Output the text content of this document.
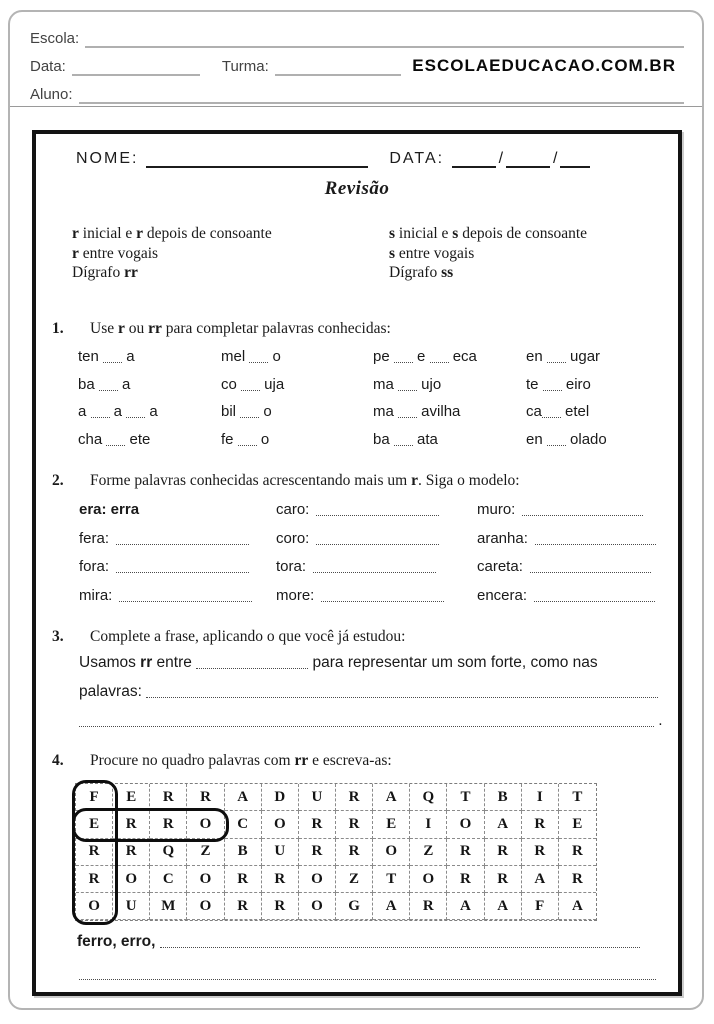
Escola:
Data:	Turma:	ESCOLAEDUCACAO.COM.BR
Aluno:
NOME:	DATA:	/	/
Revisão
r inicial e r depois de consoante
r entre vogais
Dígrafo rr
s inicial e s depois de consoante
s entre vogais
Dígrafo ss
1. Use r ou rr para completar palavras conhecidas:
ten  a	mel  o	pe  e  eca	en  ugar
ba  a	co  uja	ma  ujo	te  eiro
a  a  a	bil  o	ma  avilha	ca etel
cha  ete	fe  o	ba  ata	en  olado
2. Forme palavras conhecidas acrescentando mais um r. Siga o modelo:
era: erra	caro:	muro:
fera:	coro:	aranha:
fora:	tora:	careta:
mira:	more:	encera:
3. Complete a frase, aplicando o que você já estudou:
Usamos rr entre	para representar um som forte, como nas
palavras:
.
4. Procure no quadro palavras com rr e escreva-as:
F	E	R	R	A	D	U	R	A	Q	T	B	I	T
E	R	R	O	C	O	R	R	E	I	O	A	R	E
R	R	Q	Z	B	U	R	R	O	Z	R	R	R	R
R	O	C	O	R	R	O	Z	T	O	R	R	A	R
O	U	M	O	R	R	O	G	A	R	A	A	F	A
ferro, erro,
